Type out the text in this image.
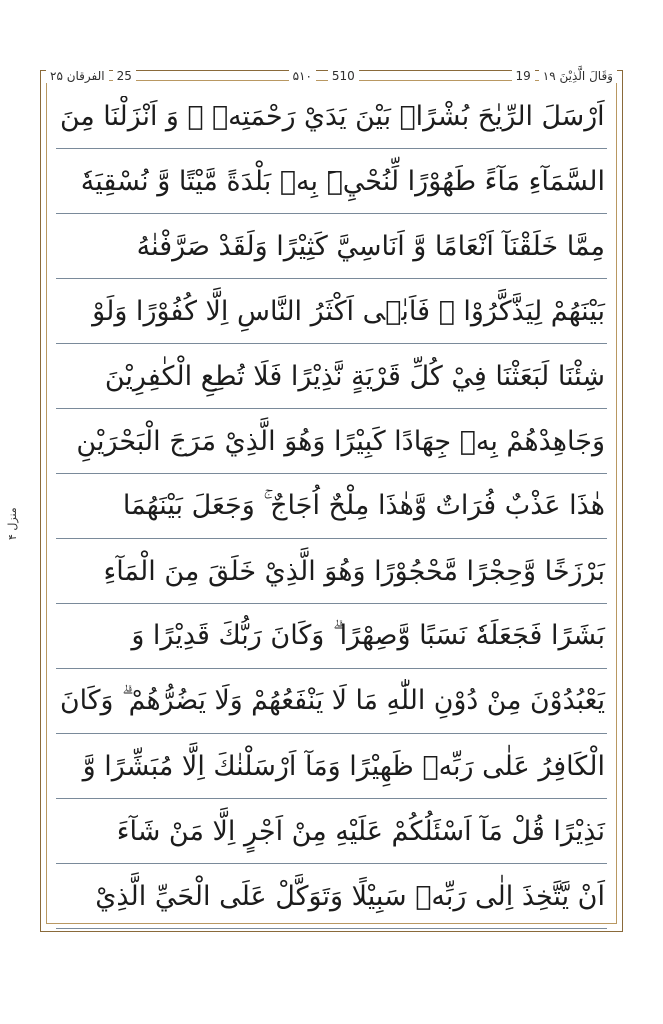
الفرقان ۲۵	25	۵۱۰	510	19	وَقَالَ الَّذِيْنَ ۱۹
منزل ۴
اَرْسَلَ الرِّيٰحَ بُشْرًاۢ بَيْنَ يَدَيْ رَحْمَتِهٖ ۚ وَ اَنْزَلْنَا مِنَ
السَّمَآءِ مَآءً طَهُوْرًا لِّنُحْيِۦَ بِهٖ بَلْدَةً مَّيْتًا وَّ نُسْقِيَهٗ
مِمَّا خَلَقْنَآ اَنْعَامًا وَّ اَنَاسِيَّ كَثِيْرًا وَلَقَدْ صَرَّفْنٰهُ
بَيْنَهُمْ لِيَذَّكَّرُوْا ۖ فَاَبٰۤى اَكْثَرُ النَّاسِ اِلَّا كُفُوْرًا وَلَوْ
شِئْنَا لَبَعَثْنَا فِيْ كُلِّ قَرْيَةٍ نَّذِيْرًا فَلَا تُطِعِ الْكٰفِرِيْنَ
وَجَاهِدْهُمْ بِهٖ جِهَادًا كَبِيْرًا وَهُوَ الَّذِيْ مَرَجَ الْبَحْرَيْنِ
هٰذَا عَذْبٌ فُرَاتٌ وَّهٰذَا مِلْحٌ اُجَاجٌ ۚ وَجَعَلَ بَيْنَهُمَا
بَرْزَخًا وَّحِجْرًا مَّحْجُوْرًا وَهُوَ الَّذِيْ خَلَقَ مِنَ الْمَآءِ
بَشَرًا فَجَعَلَهٗ نَسَبًا وَّصِهْرًا ۗ وَكَانَ رَبُّكَ قَدِيْرًا وَ
يَعْبُدُوْنَ مِنْ دُوْنِ اللّٰهِ مَا لَا يَنْفَعُهُمْ وَلَا يَضُرُّهُمْ ۗ وَكَانَ
الْكَافِرُ عَلٰى رَبِّهٖ ظَهِيْرًا وَمَآ اَرْسَلْنٰكَ اِلَّا مُبَشِّرًا وَّ
نَذِيْرًا قُلْ مَآ اَسْئَلُكُمْ عَلَيْهِ مِنْ اَجْرٍ اِلَّا مَنْ شَآءَ
اَنْ يَّتَّخِذَ اِلٰى رَبِّهٖ سَبِيْلًا وَتَوَكَّلْ عَلَى الْحَيِّ الَّذِيْ
